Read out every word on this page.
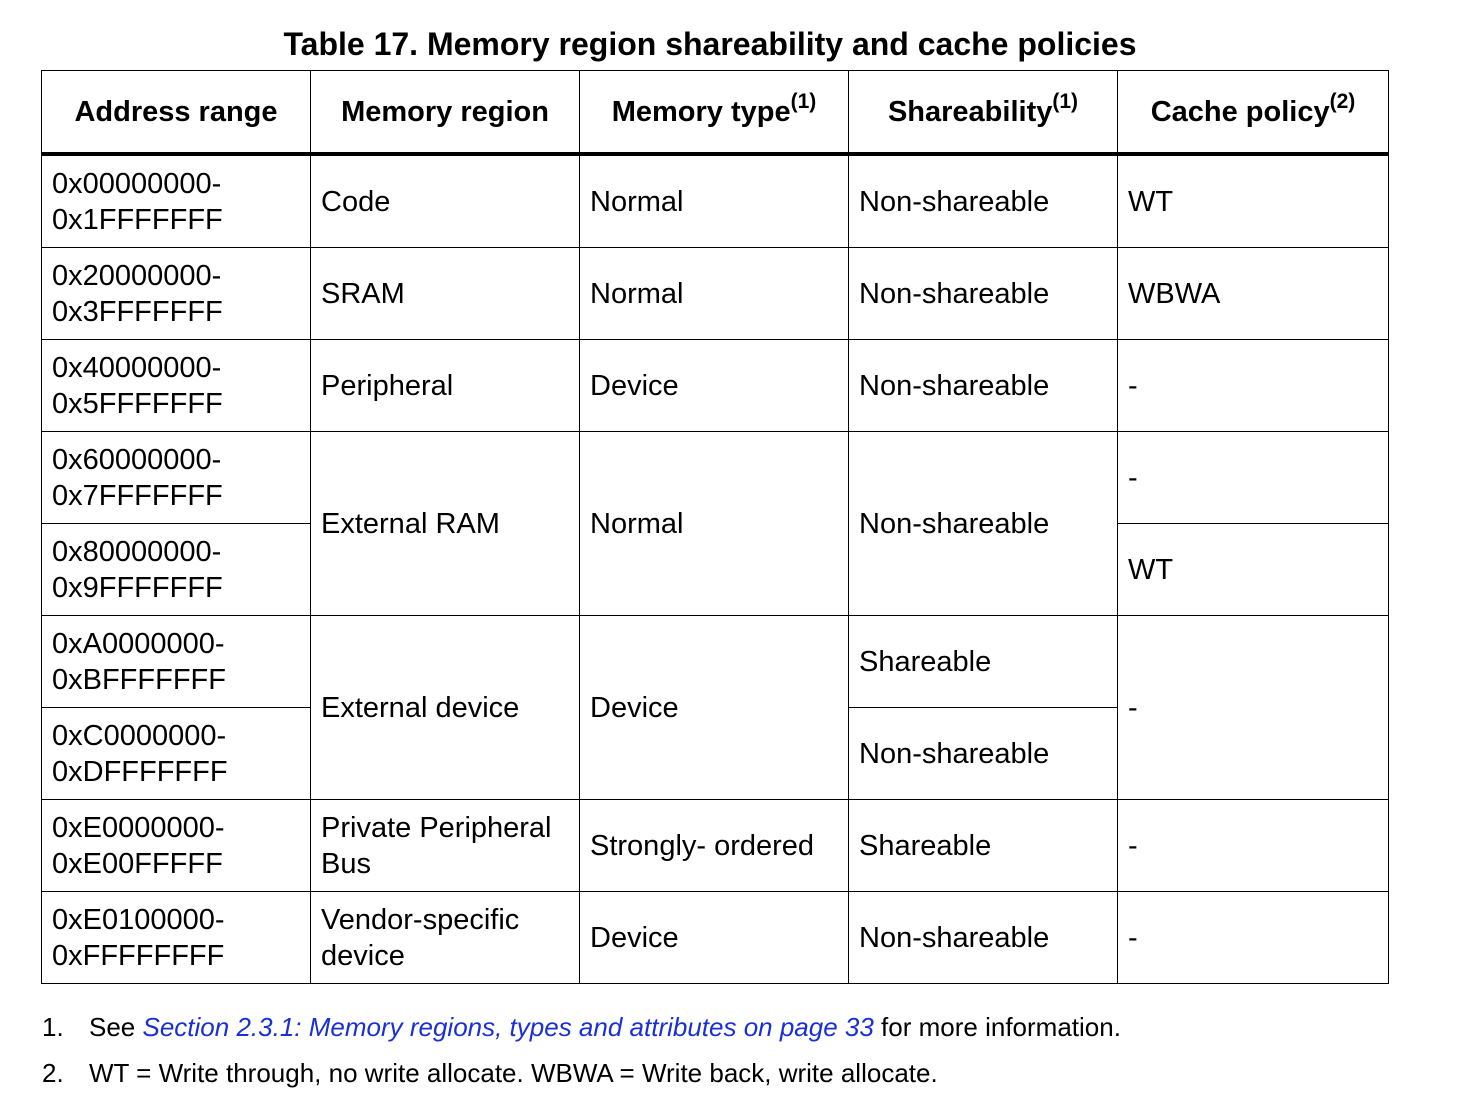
Table 17. Memory region shareability and cache policies
Address range	Memory region	Memory type$^{(1)}$	Shareability$^{(1)}$	Cache policy$^{(2)}$

0x00000000-
0x1FFFFFFF	Code	Normal	Non-shareable	WT

0x20000000-
0x3FFFFFFF	SRAM	Normal	Non-shareable	WBWA

0x40000000-
0x5FFFFFFF	Peripheral	Device	Non-shareable	-

0x60000000-
0x7FFFFFFF	External RAM	Normal	Non-shareable	-

0x80000000-
0x9FFFFFFF				WT

0xA0000000-
0xBFFFFFFF	External device	Device	Shareable	-

0xC0000000-
0xDFFFFFFF			Non-shareable	

0xE0000000-
0xE00FFFFF	Private Peripheral Bus	Strongly- ordered	Shareable	-

0xE0100000-
0xFFFFFFFF	Vendor-specific device	Device	Non-shareable	-
1. See Section 2.3.1: Memory regions, types and attributes on page 33 for more information.
2. WT = Write through, no write allocate. WBWA = Write back, write allocate.
